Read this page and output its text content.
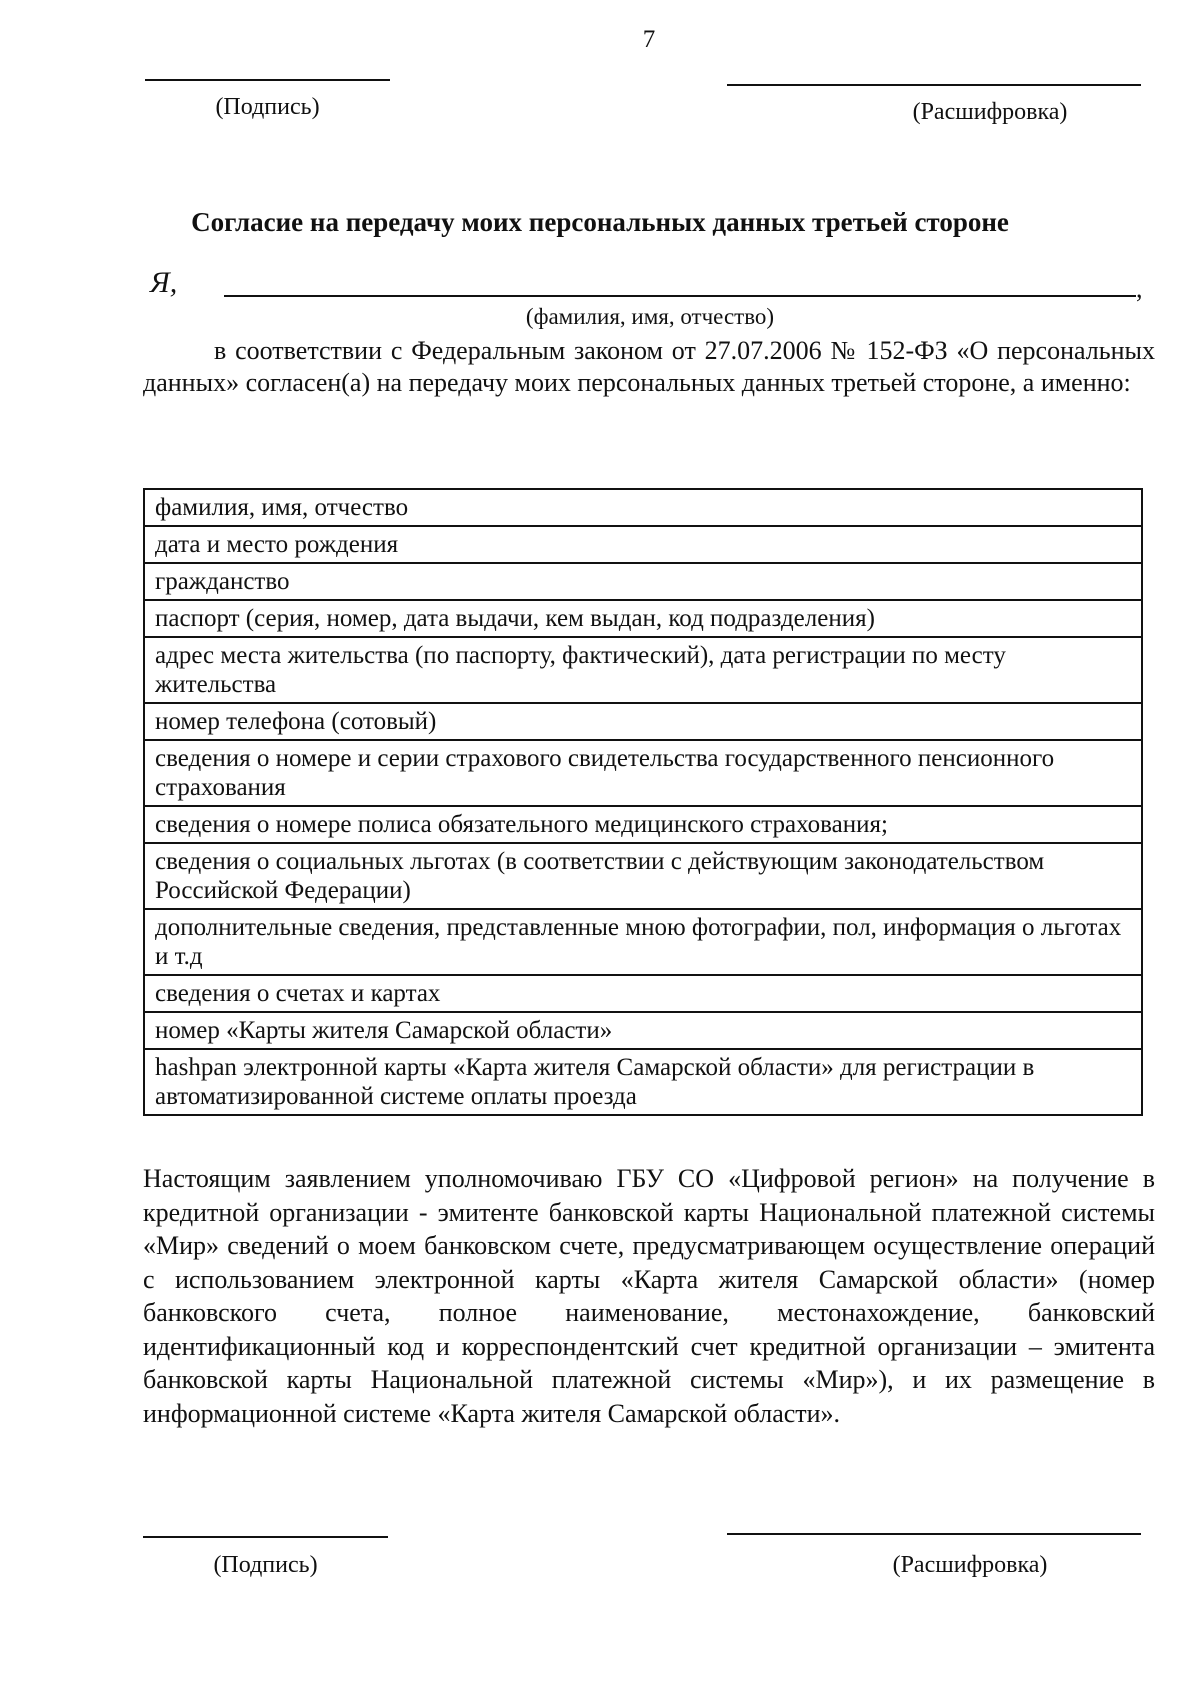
7
(Подпись)	(Расшифровка)
Согласие на передачу моих персональных данных третьей стороне
Я,	,
(фамилия, имя, отчество)
в соответствии с Федеральным законом от 27.07.2006 № 152-ФЗ «О персональных данных» согласен(а) на передачу моих персональных данных третьей стороне, а именно:
фамилия, имя, отчество
дата и место рождения
гражданство
паспорт (серия, номер, дата выдачи, кем выдан, код подразделения)
адрес места жительства (по паспорту, фактический), дата регистрации по месту жительства
номер телефона (сотовый)
сведения о номере и серии страхового свидетельства государственного пенсионного страхования
сведения о номере полиса обязательного медицинского страхования;
сведения о социальных льготах (в соответствии с действующим законодательством Российской Федерации)
дополнительные сведения, представленные мною фотографии, пол, информация о льготах и т.д
сведения о счетах и картах
номер «Карты жителя Самарской области»
hashpan электронной карты «Карта жителя Самарской области» для регистрации в автоматизированной системе оплаты проезда
Настоящим заявлением уполномочиваю ГБУ СО «Цифровой регион» на получение в кредитной организации - эмитенте банковской карты Национальной платежной системы «Мир» сведений о моем банковском счете, предусматривающем осуществление операций с использованием электронной карты «Карта жителя Самарской области» (номер банковского счета, полное наименование, местонахождение, банковский идентификационный код и корреспондентский счет кредитной организации – эмитента банковской карты Национальной платежной системы «Мир»), и их размещение в информационной системе «Карта жителя Самарской области».
(Подпись)	(Расшифровка)
